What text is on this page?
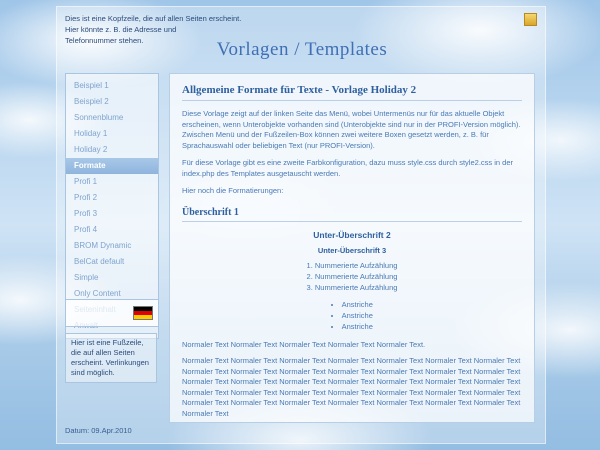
Dies ist eine Kopfzeile, die auf allen Seiten erscheint.
Hier könnte z. B. die Adresse und
Telefonnummer stehen.	Vorlagen / Templates
Beispiel 1
Beispiel 2
Sonnenblume
Holiday 1
Holiday 2
Formate
Profi 1
Profi 2
Profi 3
Profi 4
BROM Dynamic
BelCat default
Simple
Only Content
Hier ist eine Fußzeile, die auf allen Seiten erscheint. Verlinkungen sind möglich.
Datum: 09.Apr.2010
Allgemeine Formate für Texte - Vorlage Holiday 2

Diese Vorlage zeigt auf der linken Seite das Menü, wobei Untermenüs nur für das aktuelle Objekt erscheinen, wenn Unterobjekte vorhanden sind (Unterobjekte sind nur in der PROFI-Version möglich). Zwischen Menü und der Fußzeilen-Box können zwei weitere Boxen gesetzt werden, z. B. für Sprachauswahl oder beliebigen Text (nur PROFI-Version).

Für diese Vorlage gibt es eine zweite Farbkonfiguration, dazu muss style.css durch style2.css in der index.php des Templates ausgetauscht werden.

Hier noch die Formatierungen:

Überschrift 1
Unter-Überschrift 2
Unter-Überschrift 3
1. Nummerierte Aufzählung
2. Nummerierte Aufzählung
3. Nummerierte Aufzählung
• Anstriche
• Anstriche
• Anstriche

Normaler Text Normaler Text Normaler Text Normaler Text Normaler Text.

Normaler Text Normaler Text Normaler Text Normaler Text Normaler Text Normaler Text Normaler Text Normaler Text Normaler Text Normaler Text Normaler Text Normaler Text Normaler Text Normaler Text Normaler Text Normaler Text Normaler Text Normaler Text Normaler Text Normaler Text Normaler Text Normaler Text Normaler Text Normaler Text Normaler Text Normaler Text Normaler Text Normaler Text Normaler Text Normaler Text Normaler Text Normaler Text Normaler Text Normaler Text Normaler Text Normaler Text
